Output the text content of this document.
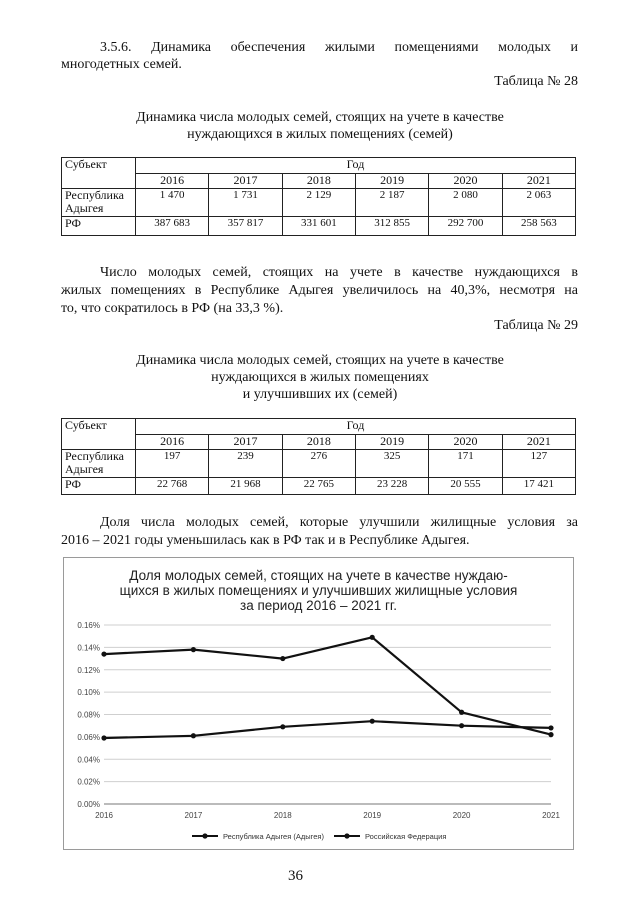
3.5.6. Динамика обеспечения жилыми помещениями молодых и
многодетных семей.
Таблица № 28
Динамика числа молодых семей, стоящих на учете в качестве
нуждающихся в жилых помещениях (семей)
Субъект	Год					
	2016	2017	2018	2019	2020	2021
Республика Адыгея	1 470	1 731	2 129	2 187	2 080	2 063
РФ	387 683	357 817	331 601	312 855	292 700	258 563
Число молодых семей, стоящих на учете в качестве нуждающихся в
жилых помещениях в Республике Адыгея увеличилось на 40,3%, несмотря на
то, что сократилось в РФ (на 33,3 %).
Таблица № 29
Динамика числа молодых семей, стоящих на учете в качестве
нуждающихся в жилых помещениях
и улучшивших их (семей)
Субъект	Год					
	2016	2017	2018	2019	2020	2021
Республика Адыгея	197	239	276	325	171	127
РФ	22 768	21 968	22 765	23 228	20 555	17 421
Доля числа молодых семей, которые улучшили жилищные условия за
2016 – 2021 годы уменьшилась как в РФ так и в Республике Адыгея.
Доля молодых семей, стоящих на учете в качестве нуждаю-
щихся в жилых помещениях и улучшивших жилищные условия
за период 2016 – 2021 гг.
0.00%
0.02%
0.04%
0.06%
0.08%
0.10%
0.12%
0.14%
0.16%
2016	2017	2018	2019	2020	2021
Республика Адыгея (Адыгея)	Российская Федерация
36
